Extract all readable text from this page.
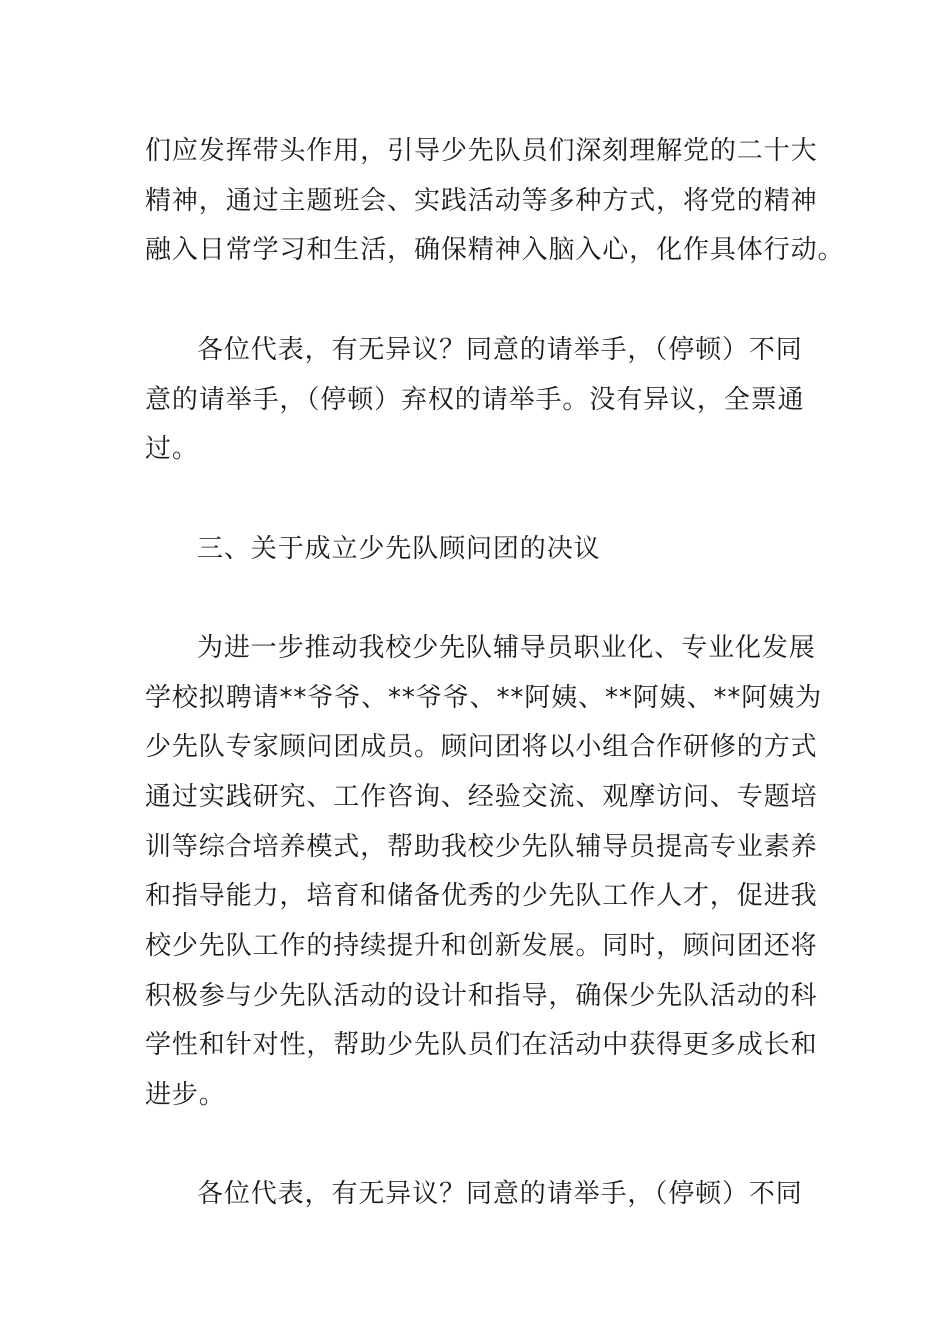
们应发挥带头作用，引导少先队员们深刻理解党的二十大
精神，通过主题班会、实践活动等多种方式，将党的精神
融入日常学习和生活，确保精神入脑入心，化作具体行动。
各位代表，有无异议？同意的请举手，（停顿）不同
意的请举手，（停顿）弃权的请举手。没有异议，全票通
过。
三、关于成立少先队顾问团的决议
为进一步推动我校少先队辅导员职业化、专业化发展
学校拟聘请**爷爷、**爷爷、**阿姨、**阿姨、**阿姨为
少先队专家顾问团成员。顾问团将以小组合作研修的方式
通过实践研究、工作咨询、经验交流、观摩访问、专题培
训等综合培养模式，帮助我校少先队辅导员提高专业素养
和指导能力，培育和储备优秀的少先队工作人才，促进我
校少先队工作的持续提升和创新发展。同时，顾问团还将
积极参与少先队活动的设计和指导，确保少先队活动的科
学性和针对性，帮助少先队员们在活动中获得更多成长和
进步。
各位代表，有无异议？同意的请举手，（停顿）不同
